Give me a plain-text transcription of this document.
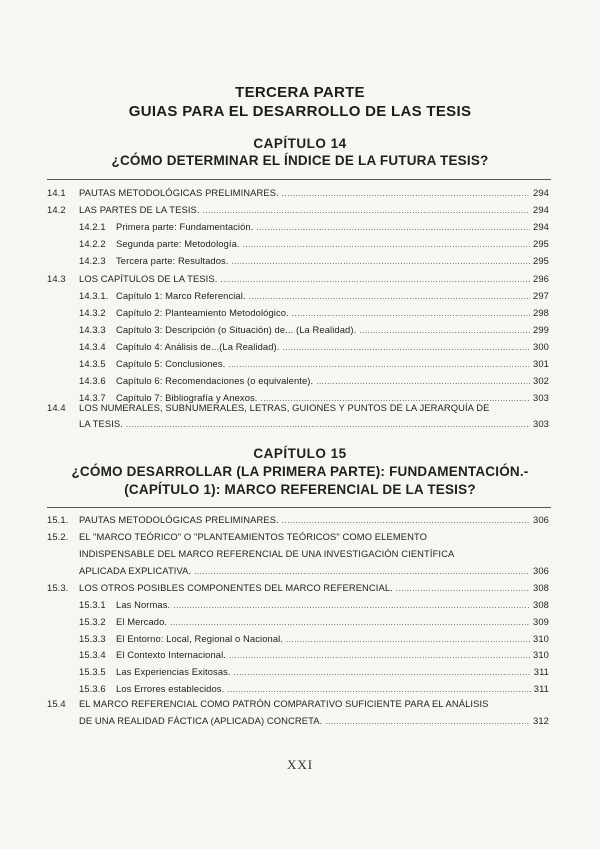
TERCERA PARTE
GUIAS PARA EL DESARROLLO DE LAS TESIS
CAPÍTULO 14
¿CÓMO DETERMINAR EL ÍNDICE DE LA FUTURA TESIS?
14.1	PAUTAS METODOLÓGICAS PRELIMINARES. .....	294
14.2	LAS PARTES DE LA TESIS. .....	294
14.2.1	Primera parte: Fundamentación. .....	294
14.2.2	Segunda parte: Metodología. .....	295
14.2.3	Tercera parte: Resultados. .....	295
14.3	LOS CAPÍTULOS DE LA TESIS. .....	296
14.3.1. Capítulo 1: Marco Referencial. .....	297
14.3.2	Capítulo 2: Planteamiento Metodológico. .....	298
14.3.3	Capítulo 3: Descripción (o Situación) de... (La Realidad). .....	299
14.3.4	Capítulo 4: Análisis de...(La Realidad). .....	300
14.3.5	Capítulo 5: Conclusiones. .....	301
14.3.6	Capítulo 6: Recomendaciones (o equivalente). .....	302
14.3.7	Capítulo 7: Bibliografía y Anexos. .....	303
14.4 LOS NUMERALES, SUBNUMERALES, LETRAS, GUIONES Y PUNTOS DE LA JERARQUÍA DE
LA TESIS. .....	303
CAPÍTULO 15
¿CÓMO DESARROLLAR (LA PRIMERA PARTE): FUNDAMENTACIÓN.-
(CAPÍTULO 1): MARCO REFERENCIAL DE LA TESIS?
15.1.	PAUTAS METODOLÓGICAS PRELIMINARES. .....	306
15.2. EL "MARCO TEÓRICO" O "PLANTEAMIENTOS TEÓRICOS" COMO ELEMENTO
INDISPENSABLE DEL MARCO REFERENCIAL DE UNA INVESTIGACIÓN CIENTÍFICA
APLICADA EXPLICATIVA. .....	306
15.3.	LOS OTROS POSIBLES COMPONENTES DEL MARCO REFERENCIAL. .....	308
15.3.1	Las Normas. .....	308
15.3.2	El Mercado. .....	309
15.3.3	El Entorno: Local, Regional o Nacional. .....	310
15.3.4	El Contexto Internacional. .....	310
15.3.5	Las Experiencias Exitosas. .....	311
15.3.6	Los Errores establecidos. .....	311
15.4 EL MARCO REFERENCIAL COMO PATRÓN COMPARATIVO SUFICIENTE PARA EL ANÁLISIS
DE UNA REALIDAD FÁCTICA (APLICADA) CONCRETA. .....	312
XXI
